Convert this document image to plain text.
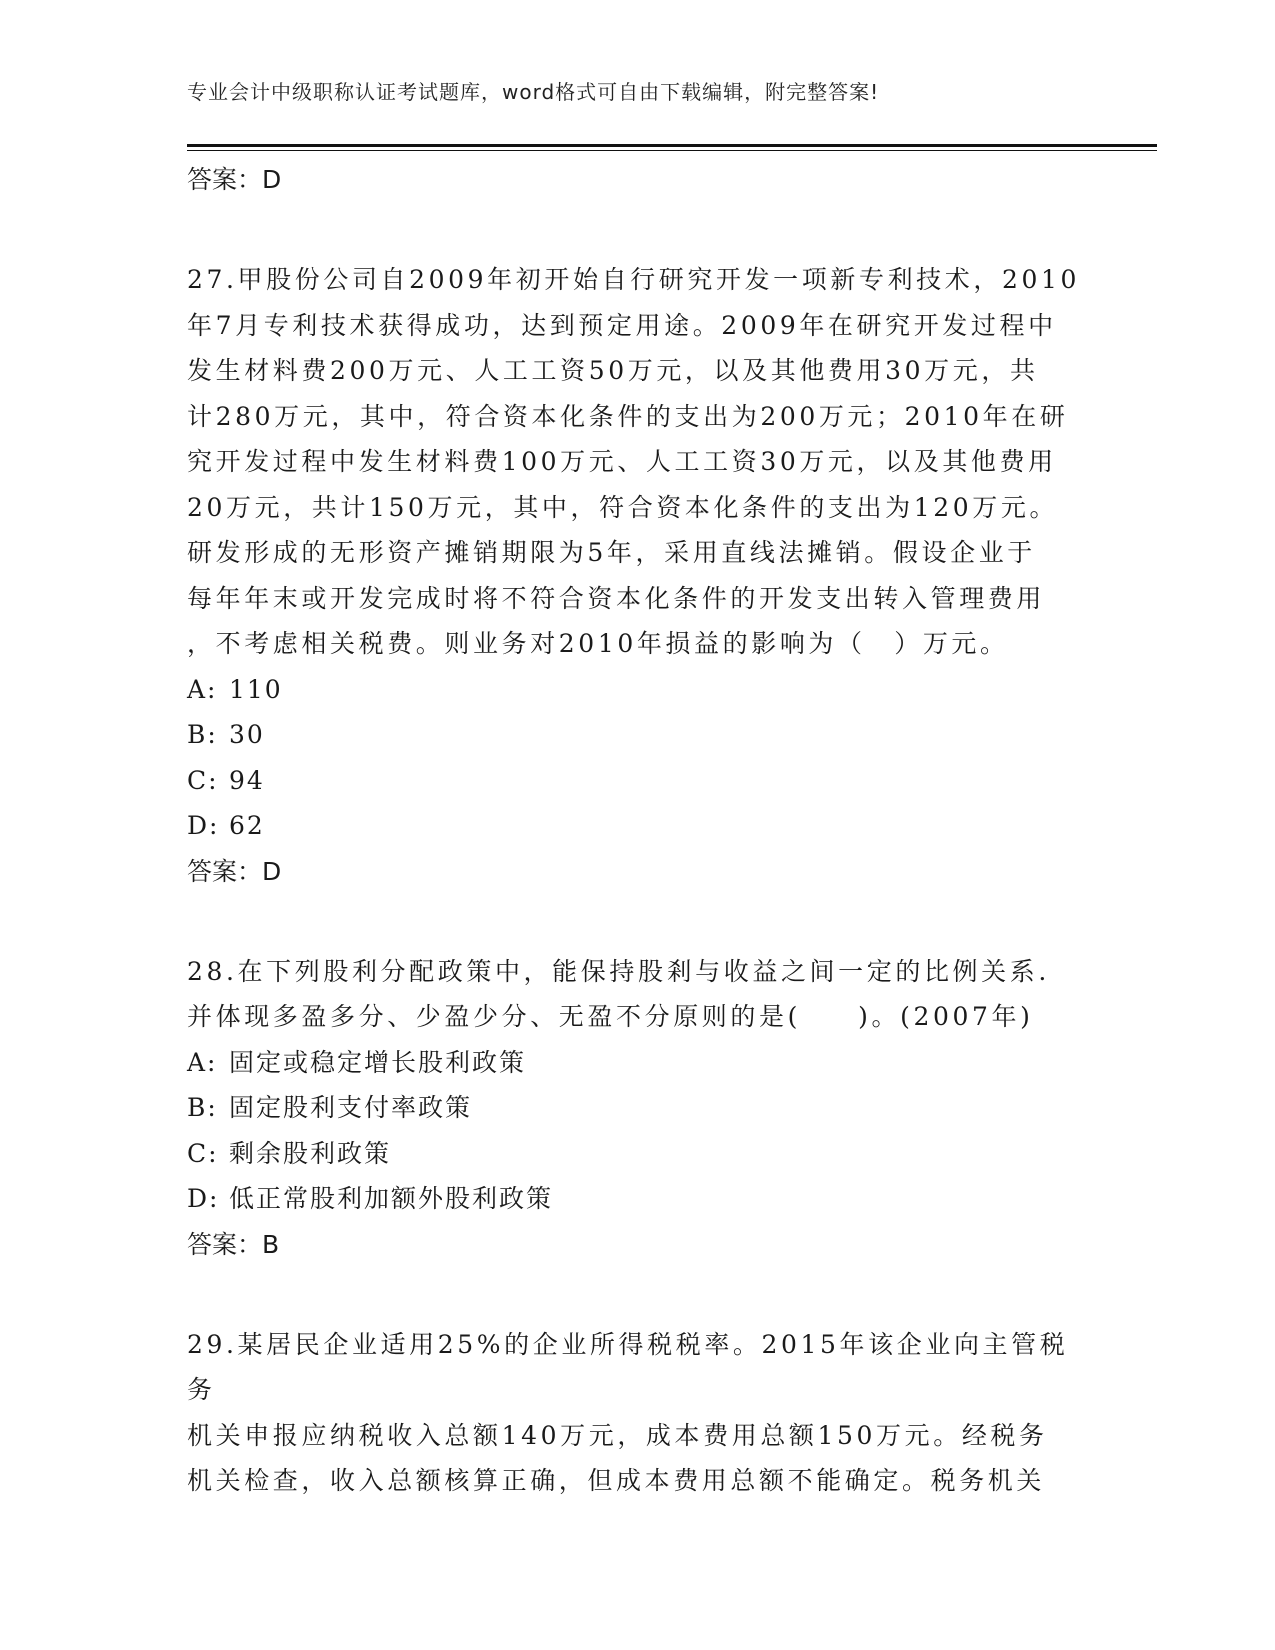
专业会计中级职称认证考试题库，word格式可自由下载编辑，附完整答案!

答案：D

27.甲股份公司自2009年初开始自行研究开发一项新专利技术，2010

年7月专利技术获得成功，达到预定用途。2009年在研究开发过程中

发生材料费200万元、人工工资50万元，以及其他费用30万元，共

计280万元，其中，符合资本化条件的支出为200万元；2010年在研

究开发过程中发生材料费100万元、人工工资30万元，以及其他费用

20万元，共计150万元，其中，符合资本化条件的支出为120万元。

研发形成的无形资产摊销期限为5年，采用直线法摊销。假设企业于

每年年末或开发完成时将不符合资本化条件的开发支出转入管理费用

，不考虑相关税费。则业务对2010年损益的影响为（　）万元。

A: 110

B: 30

C: 94

D: 62

答案：D

28.在下列股利分配政策中，能保持股剎与收益之间一定的比例关系.

并体现多盈多分、少盈少分、无盈不分原则的是(　　)。(2007年)

A: 固定或稳定增长股利政策

B: 固定股利支付率政策

C: 剩余股利政策

D: 低正常股利加额外股利政策

答案：B

29.某居民企业适用25%的企业所得税税率。2015年该企业向主管税务

机关申报应纳税收入总额140万元，成本费用总额150万元。经税务

机关检查，收入总额核算正确，但成本费用总额不能确定。税务机关
